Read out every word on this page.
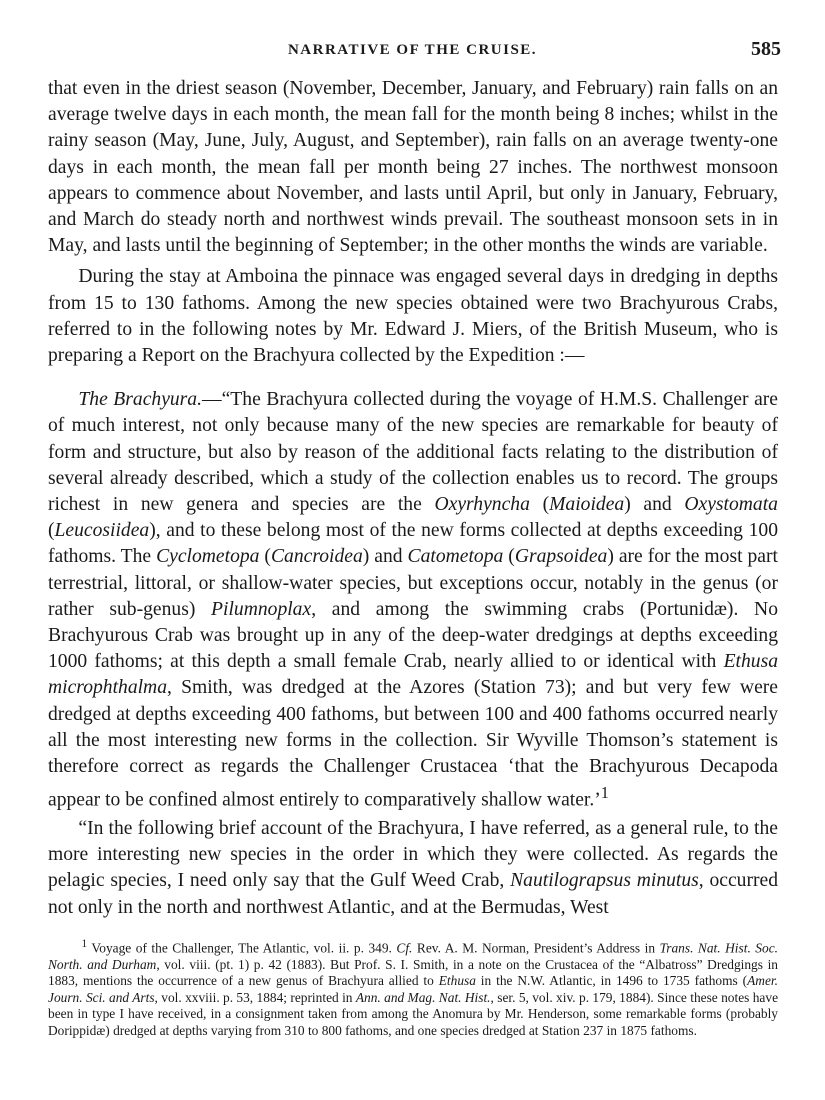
NARRATIVE OF THE CRUISE.	585

that even in the driest season (November, December, January, and February) rain falls on an average twelve days in each month, the mean fall for the month being 8 inches; whilst in the rainy season (May, June, July, August, and September), rain falls on an average twenty-one days in each month, the mean fall per month being 27 inches. The northwest monsoon appears to commence about November, and lasts until April, but only in January, February, and March do steady north and northwest winds prevail. The southeast monsoon sets in in May, and lasts until the beginning of September; in the other months the winds are variable.

During the stay at Amboina the pinnace was engaged several days in dredging in depths from 15 to 130 fathoms. Among the new species obtained were two Brachyurous Crabs, referred to in the following notes by Mr. Edward J. Miers, of the British Museum, who is preparing a Report on the Brachyura collected by the Expedition :—

The Brachyura.—“The Brachyura collected during the voyage of H.M.S. Challenger are of much interest, not only because many of the new species are remarkable for beauty of form and structure, but also by reason of the additional facts relating to the distribution of several already described, which a study of the collection enables us to record. The groups richest in new genera and species are the Oxyrhyncha (Maioidea) and Oxystomata (Leucosiidea), and to these belong most of the new forms collected at depths exceeding 100 fathoms. The Cyclometopa (Cancroidea) and Catometopa (Grapsoidea) are for the most part terrestrial, littoral, or shallow-water species, but exceptions occur, notably in the genus (or rather sub-genus) Pilumnoplax, and among the swimming crabs (Portunidæ). No Brachyurous Crab was brought up in any of the deep-water dredgings at depths exceeding 1000 fathoms; at this depth a small female Crab, nearly allied to or identical with Ethusa microphthalma, Smith, was dredged at the Azores (Station 73); and but very few were dredged at depths exceeding 400 fathoms, but between 100 and 400 fathoms occurred nearly all the most interesting new forms in the collection. Sir Wyville Thomson’s statement is therefore correct as regards the Challenger Crustacea ‘that the Brachyurous Decapoda appear to be confined almost entirely to comparatively shallow water.’$^1$

“In the following brief account of the Brachyura, I have referred, as a general rule, to the more interesting new species in the order in which they were collected. As regards the pelagic species, I need only say that the Gulf Weed Crab, Nautilograpsus minutus, occurred not only in the north and northwest Atlantic, and at the Bermudas, West

$^1$ Voyage of the Challenger, The Atlantic, vol. ii. p. 349. Cf. Rev. A. M. Norman, President’s Address in Trans. Nat. Hist. Soc. North. and Durham, vol. viii. (pt. 1) p. 42 (1883). But Prof. S. I. Smith, in a note on the Crustacea of the “Albatross” Dredgings in 1883, mentions the occurrence of a new genus of Brachyura allied to Ethusa in the N.W. Atlantic, in 1496 to 1735 fathoms (Amer. Journ. Sci. and Arts, vol. xxviii. p. 53, 1884; reprinted in Ann. and Mag. Nat. Hist., ser. 5, vol. xiv. p. 179, 1884). Since these notes have been in type I have received, in a consignment taken from among the Anomura by Mr. Henderson, some remarkable forms (probably Dorippidæ) dredged at depths varying from 310 to 800 fathoms, and one species dredged at Station 237 in 1875 fathoms.
